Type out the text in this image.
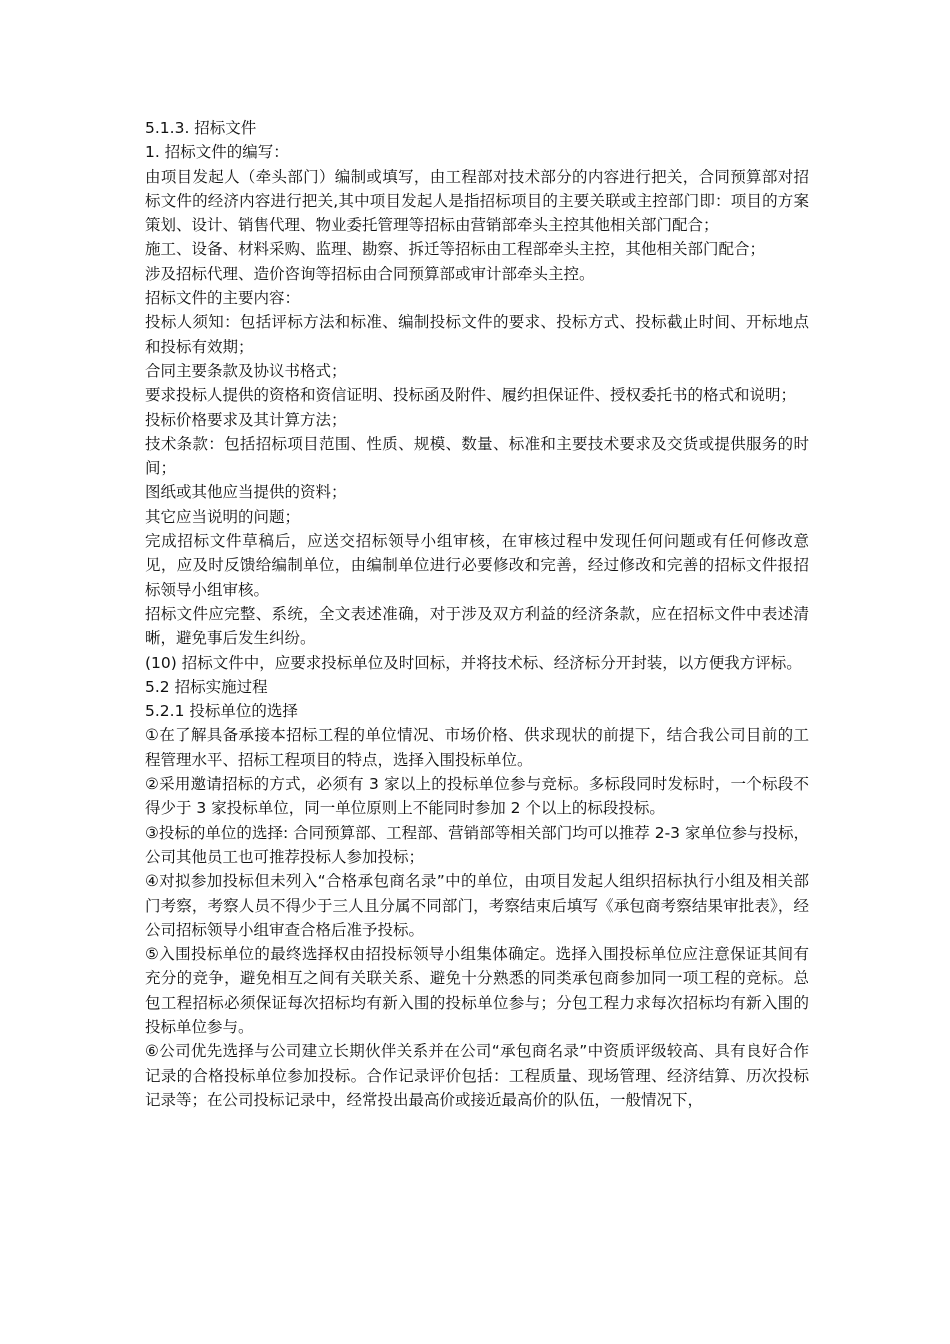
5.1.3. 招标文件

1. 招标文件的编写：

由项目发起人（牵头部门）编制或填写，由工程部对技术部分的内容进行把关，合同预算部对招标文件的经济内容进行把关,其中项目发起人是指招标项目的主要关联或主控部门即：项目的方案策划、设计、销售代理、物业委托管理等招标由营销部牵头主控其他相关部门配合；

施工、设备、材料采购、监理、勘察、拆迁等招标由工程部牵头主控，其他相关部门配合；

涉及招标代理、造价咨询等招标由合同预算部或审计部牵头主控。

招标文件的主要内容：

投标人须知：包括评标方法和标准、编制投标文件的要求、投标方式、投标截止时间、开标地点和投标有效期；

合同主要条款及协议书格式；

要求投标人提供的资格和资信证明、投标函及附件、履约担保证件、授权委托书的格式和说明；

投标价格要求及其计算方法；

技术条款：包括招标项目范围、性质、规模、数量、标准和主要技术要求及交货或提供服务的时间；

图纸或其他应当提供的资料；

其它应当说明的问题；

完成招标文件草稿后，应送交招标领导小组审核，在审核过程中发现任何问题或有任何修改意见，应及时反馈给编制单位，由编制单位进行必要修改和完善，经过修改和完善的招标文件报招标领导小组审核。

招标文件应完整、系统，全文表述准确，对于涉及双方利益的经济条款，应在招标文件中表述清晰，避免事后发生纠纷。

(10) 招标文件中，应要求投标单位及时回标，并将技术标、经济标分开封装，以方便我方评标。

5.2 招标实施过程

5.2.1 投标单位的选择

①在了解具备承接本招标工程的单位情况、市场价格、供求现状的前提下，结合我公司目前的工程管理水平、招标工程项目的特点，选择入围投标单位。

②采用邀请招标的方式，必须有 3 家以上的投标单位参与竞标。多标段同时发标时，一个标段不得少于 3 家投标单位，同一单位原则上不能同时参加 2 个以上的标段投标。

③投标的单位的选择: 合同预算部、工程部、营销部等相关部门均可以推荐 2-3 家单位参与投标，公司其他员工也可推荐投标人参加投标；

④对拟参加投标但未列入“合格承包商名录”中的单位，由项目发起人组织招标执行小组及相关部门考察，考察人员不得少于三人且分属不同部门，考察结束后填写《承包商考察结果审批表》，经公司招标领导小组审查合格后准予投标。

⑤入围投标单位的最终选择权由招投标领导小组集体确定。选择入围投标单位应注意保证其间有充分的竞争，避免相互之间有关联关系、避免十分熟悉的同类承包商参加同一项工程的竞标。总包工程招标必须保证每次招标均有新入围的投标单位参与；分包工程力求每次招标均有新入围的投标单位参与。

⑥公司优先选择与公司建立长期伙伴关系并在公司“承包商名录”中资质评级较高、具有良好合作记录的合格投标单位参加投标。合作记录评价包括：工程质量、现场管理、经济结算、历次投标记录等；在公司投标记录中，经常投出最高价或接近最高价的队伍，一般情况下，
